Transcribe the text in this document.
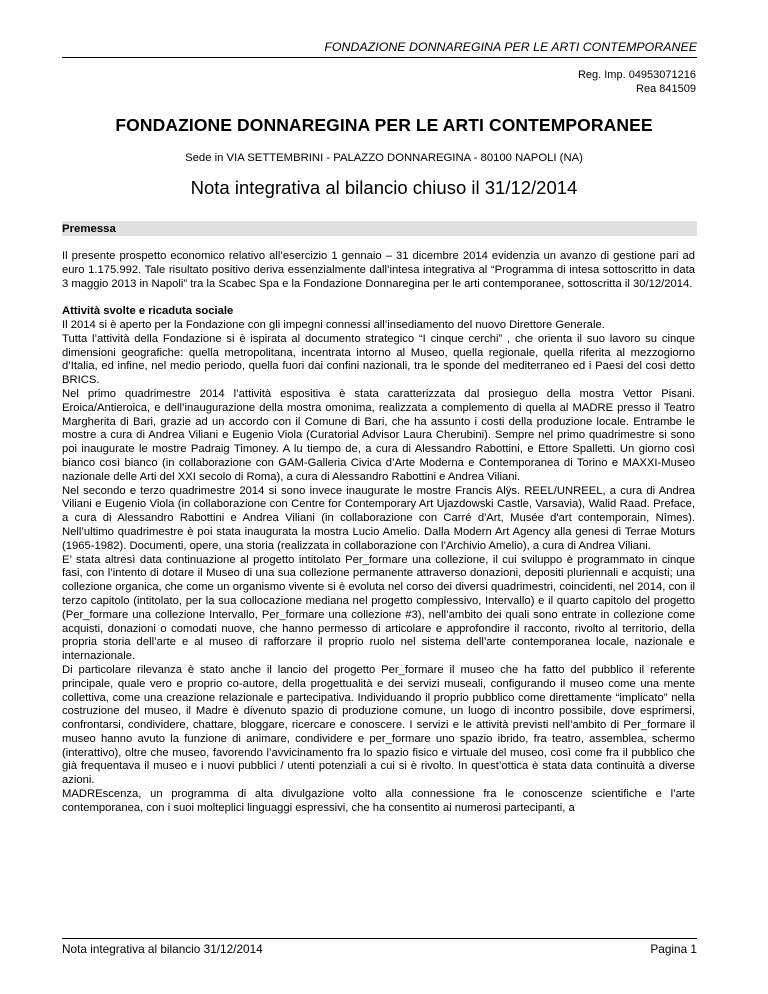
FONDAZIONE DONNAREGINA PER LE ARTI CONTEMPORANEE
Reg. Imp. 04953071216
Rea 841509
FONDAZIONE DONNAREGINA PER LE ARTI CONTEMPORANEE
Sede in VIA SETTEMBRINI - PALAZZO DONNAREGINA - 80100 NAPOLI (NA)
Nota integrativa al bilancio chiuso il 31/12/2014
Premessa

Il presente prospetto economico relativo all’esercizio 1 gennaio – 31 dicembre 2014 evidenzia un avanzo di gestione pari ad euro 1.175.992. Tale risultato positivo deriva essenzialmente dall’intesa integrativa al “Programma di intesa sottoscritto in data 3 maggio 2013 in Napoli” tra la Scabec Spa e la Fondazione Donnaregina per le arti contemporanee, sottoscritta il 30/12/2014.

Attività svolte e ricaduta sociale

Il 2014 si è aperto per la Fondazione con gli impegni connessi all’insediamento del nuovo Direttore Generale.

Tutta l’attività della Fondazione si è ispirata al documento strategico “I cinque cerchi” , che orienta il suo lavoro su cinque dimensioni geografiche: quella metropolitana, incentrata intorno al Museo, quella regionale, quella riferita al mezzogiorno d’Italia, ed infine, nel medio periodo, quella fuori dai confini nazionali, tra le sponde del mediterraneo ed i Paesi del così detto BRICS.

Nel primo quadrimestre 2014 l’attività espositiva è stata caratterizzata dal prosieguo della mostra Vettor Pisani. Eroica/Antieroica, e dell’inaugurazione della mostra omonima, realizzata a complemento di quella al MADRE presso il Teatro Margherita di Bari, grazie ad un accordo con il Comune di Bari, che ha assunto i costi della produzione locale. Entrambe le mostre a cura di Andrea Viliani e Eugenio Viola (Curatorial Advisor Laura Cherubini). Sempre nel primo quadrimestre si sono poi inaugurate le mostre Padraig Timoney. A lu tiempo de, a cura di Alessandro Rabottini, e Ettore Spalletti. Un giorno così bianco così bianco (in collaborazione con GAM-Galleria Civica d’Arte Moderna e Contemporanea di Torino e MAXXI-Museo nazionale delle Arti del XXI secolo di Roma), a cura di Alessandro Rabottini e Andrea Viliani.

Nel secondo e terzo quadrimestre 2014 si sono invece inaugurate le mostre Francis Alÿs. REEL/UNREEL, a cura di Andrea Viliani e Eugenio Viola (in collaborazione con Centre for Contemporary Art Ujazdowski Castle, Varsavia), Walid Raad. Preface, a cura di Alessandro Rabottini e Andrea Viliani (in collaborazione con Carré d'Art, Musée d'art contemporain, Nîmes). Nell’ultimo quadrimestre è poi stata inaugurata la mostra Lucio Amelio. Dalla Modern Art Agency alla genesi di Terrae Moturs (1965-1982). Documenti, opere, una storia (realizzata in collaborazione con l’Archivio Amelio), a cura di Andrea Viliani.

E’ stata altresì data continuazione al progetto intitolato Per_formare una collezione, il cui sviluppo è programmato in cinque fasi, con l’intento di dotare il Museo di una sua collezione permanente attraverso donazioni, depositi pluriennali e acquisti; una collezione organica, che come un organismo vivente si è evoluta nel corso dei diversi quadrimestri, coincidenti, nel 2014, con il terzo capitolo (intitolato, per la sua collocazione mediana nel progetto complessivo, Intervallo) e il quarto capitolo del progetto (Per_formare una collezione Intervallo, Per_formare una collezione #3), nell’ambito dei quali sono entrate in collezione come acquisti, donazioni o comodati nuove, che hanno permesso di articolare e approfondire il racconto, rivolto al territorio, della propria storia dell’arte e al museo di rafforzare il proprio ruolo nel sistema dell’arte contemporanea locale, nazionale e internazionale.

Di particolare rilevanza è stato anche il lancio del progetto Per_formare il museo che ha fatto del pubblico il referente principale, quale vero e proprio co-autore, della progettualità e dei servizi museali, configurando il museo come una mente collettiva, come una creazione relazionale e partecipativa. Individuando il proprio pubblico come direttamente “implicato” nella costruzione del museo, il Madre è divenuto spazio di produzione comune, un luogo di incontro possibile, dove esprimersi, confrontarsi, condividere, chattare, bloggare, ricercare e conoscere. I servizi e le attività previsti nell’ambito di Per_formare il museo hanno avuto la funzione di animare, condividere e per_formare uno spazio ibrido, fra teatro, assemblea, schermo (interattivo), oltre che museo, favorendo l’avvicinamento fra lo spazio fisico e virtuale del museo, così come fra il pubblico che già frequentava il museo e i nuovi pubblici / utenti potenziali a cui si è rivolto. In quest’ottica è stata data continuità a diverse azioni.

MADREscenza, un programma di alta divulgazione volto alla connessione fra le conoscenze scientifiche e l’arte contemporanea, con i suoi molteplici linguaggi espressivi, che ha consentito ai numerosi partecipanti, a

Nota integrativa al bilancio 31/12/2014	Pagina 1
